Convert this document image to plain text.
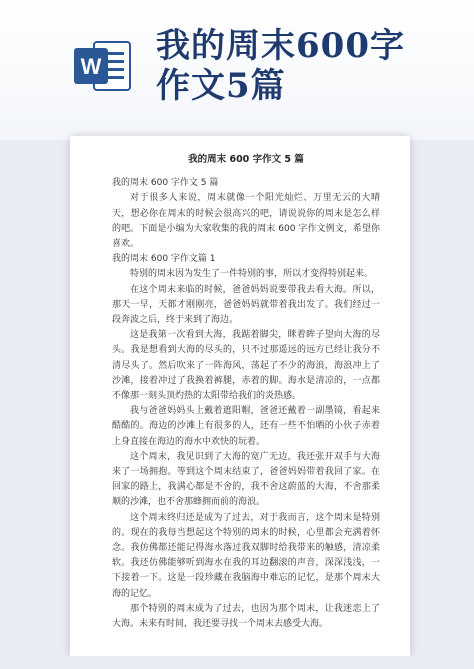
W
我的周末600字
作文5篇
我的周末 600 字作文 5 篇

我的周末 600 字作文 5 篇

对于很多人来说，周末就像一个阳光灿烂、万里无云的大晴天，想必你在周末的时候会很高兴的吧，请说说你的周末是怎么样的吧。下面是小编为大家收集的我的周末 600 字作文例文，希望你喜欢。

我的周末 600 字作文篇 1

特别的周末因为发生了一件特别的事，所以才变得特别起来。

在这个周末来临的时候，爸爸妈妈说要带我去看大海。所以，那天一早，天都才刚刚亮，爸爸妈妈就带着我出发了。我们经过一段奔波之后，终于来到了海边。

这是我第一次看到大海，我踮着脚尖，眯着眸子望向大海的尽头。我是想看到大海的尽头的，只不过那遥远的远方已经让我分不清尽头了。然后吹来了一阵海风，荡起了不少的海浪，海浪冲上了沙滩，接着冲过了我换着裤腿，赤着的脚。海水是清凉的，一点都不像那一刻头顶灼热的太阳带给我们的炎热感。

我与爸爸妈妈头上戴着遮阳帽，爸爸还戴着一副墨镜，看起来酷酷的。海边的沙滩上有很多的人，还有一些不怕晒的小伙子赤着上身直接在海边的海水中欢快的玩着。

这个周末，我见识到了大海的宽广无边，我还张开双手与大海来了一场拥抱。等到这个周末结束了，爸爸妈妈带着我回了家。在回家的路上，我满心都是不舍的，我不舍这蔚蓝的大海，不舍那柔顺的沙滩，也不舍那蜂拥而前的海浪。

这个周末终归还是成为了过去，对于我而言，这个周末是特别的。现在的我每当想起这个特别的周末的时候，心里都会充满着怀念。我仿佛都还能记得海水落过我双脚时给我带来的触感，清凉柔软。我还仿佛能够听到海水在我的耳边翻滚的声音，深深浅浅，一下接着一下。这是一段珍藏在我脑海中难忘的记忆，是那个周末大海的记忆。

那个特别的周末成为了过去，也因为那个周末，让我迷恋上了大海。未来有时间，我还要寻找一个周末去感受大海。
